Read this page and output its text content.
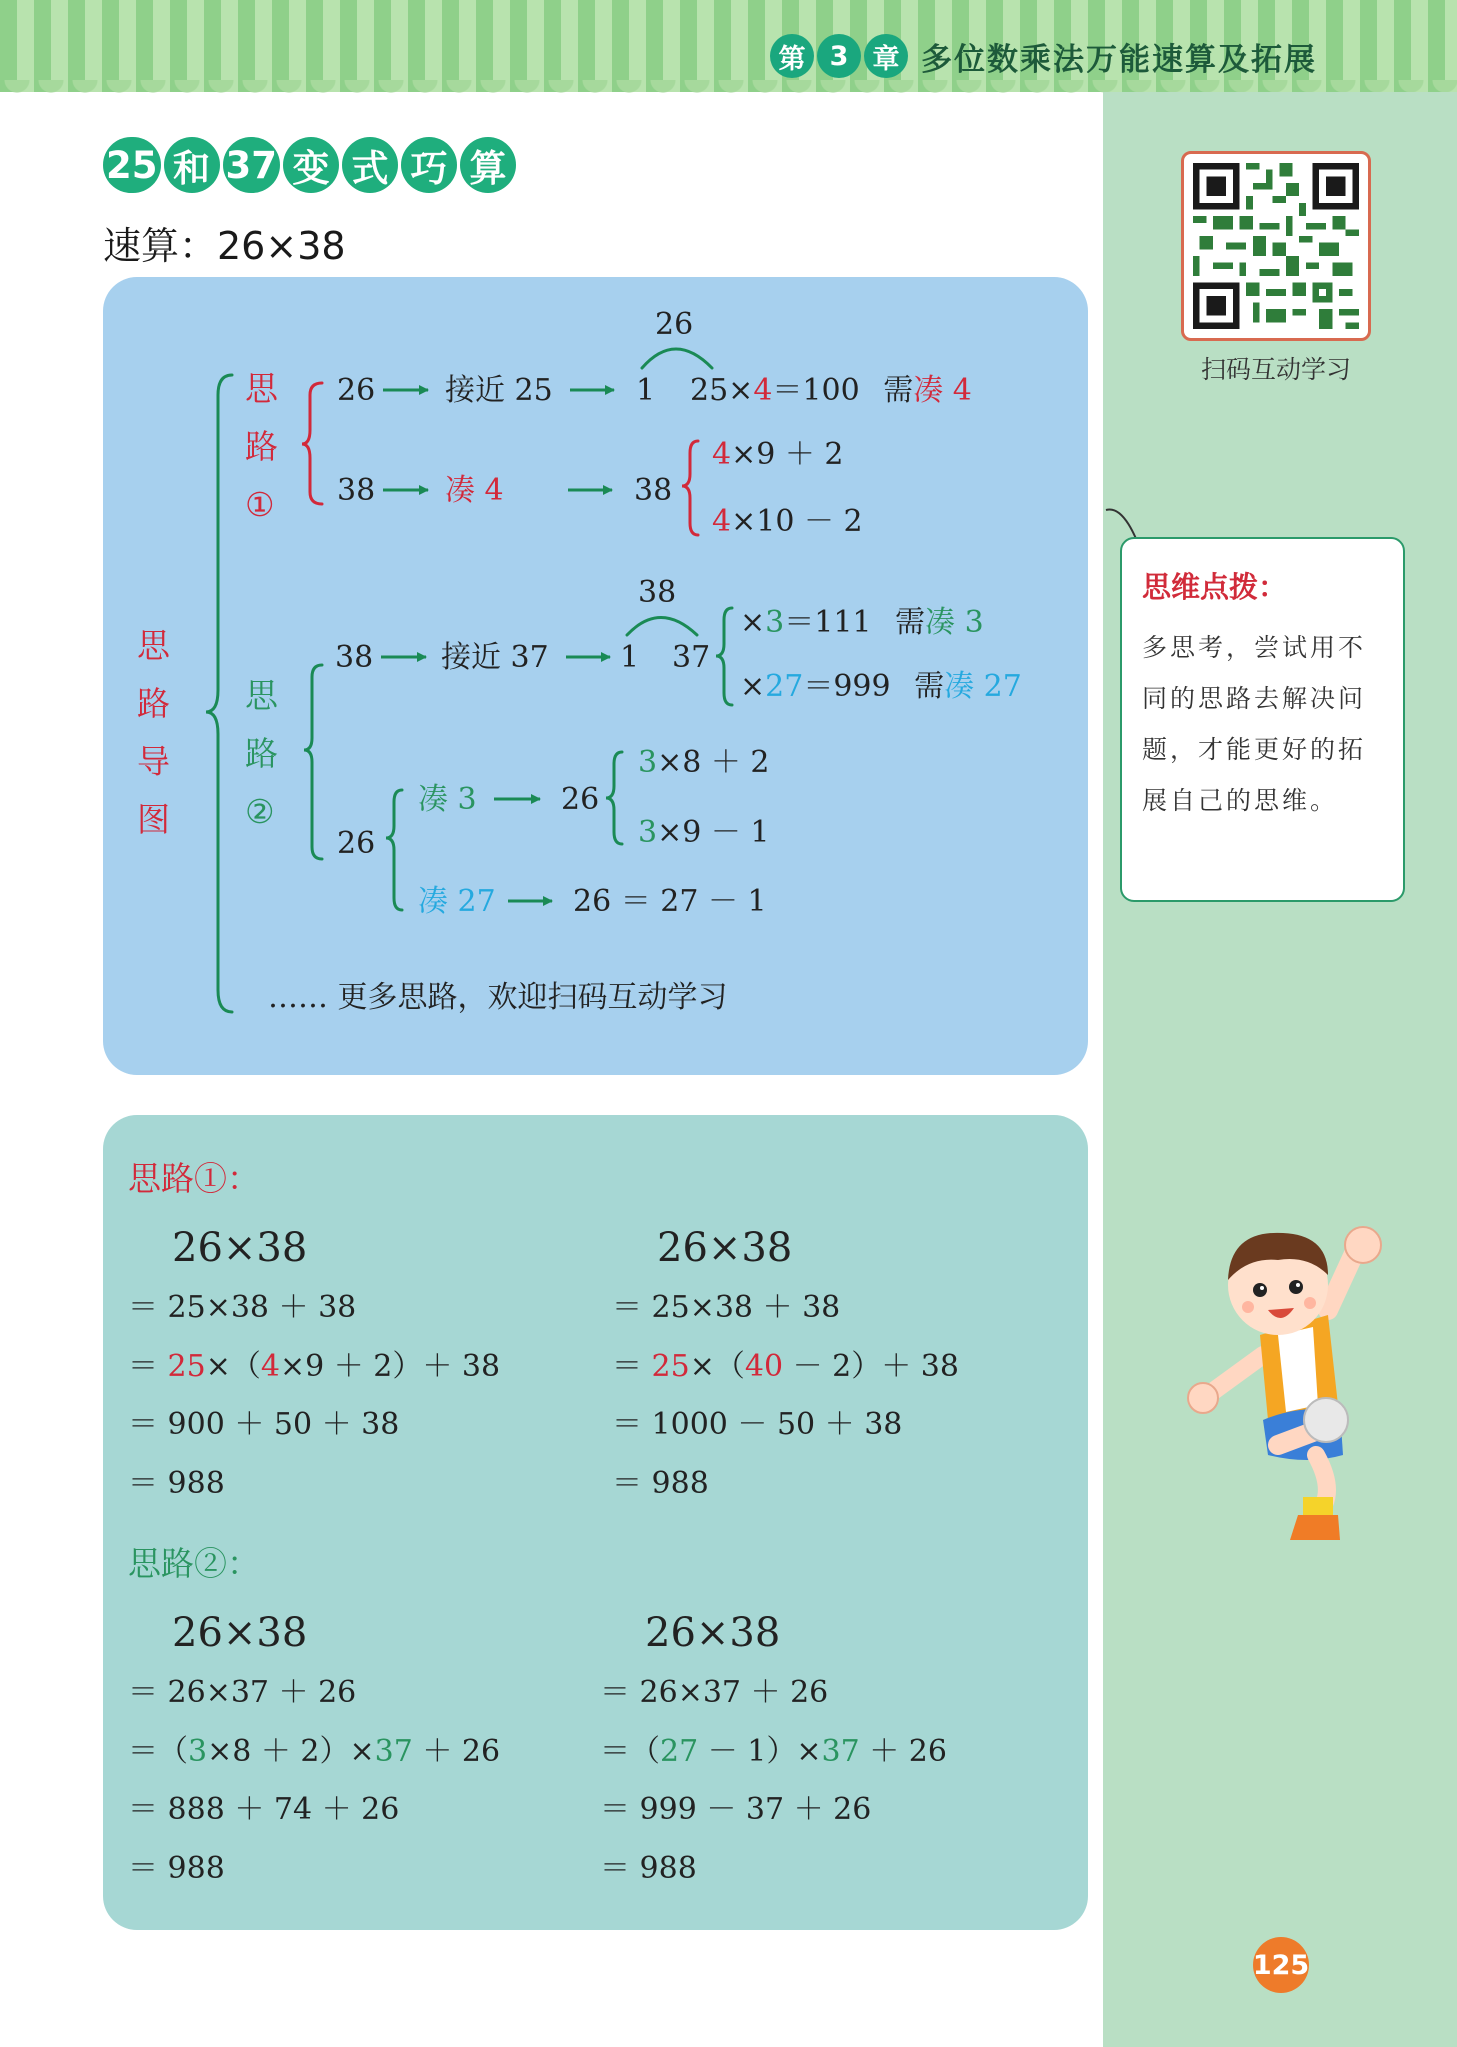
第 3 章 多位数乘法万能速算及拓展
扫码互动学习
思维点拨：
多思考，尝试用不
同的思路去解决问
题，才能更好的拓
展自己的思维。
25 和 37 变 式 巧 算
速算：26×38
思
路
导
图
思
路
①
思
路
②
26 接近 25
26
1 25×4＝100 需凑 4
38 凑 4	38
4×9 ＋ 2
4×10 － 2
38 接近 37
38
1 37
×3＝111 需凑 3
×27＝999 需凑 27
26
凑 3	26
3×8 ＋ 2
3×9 － 1
凑 27	26 ＝ 27 － 1
…… 更多思路，欢迎扫码互动学习
思路①：
26×38
＝ 25×38 ＋ 38
＝ 25×（4×9 ＋ 2）＋ 38
＝ 900 ＋ 50 ＋ 38
＝ 988
26×38
＝ 25×38 ＋ 38
＝ 25×（40 － 2）＋ 38
＝ 1000 － 50 ＋ 38
＝ 988
思路②：
26×38
＝ 26×37 ＋ 26
＝（3×8 ＋ 2）×37 ＋ 26
＝ 888 ＋ 74 ＋ 26
＝ 988
26×38
＝ 26×37 ＋ 26
＝（27 － 1）×37 ＋ 26
＝ 999 － 37 ＋ 26
＝ 988
125
